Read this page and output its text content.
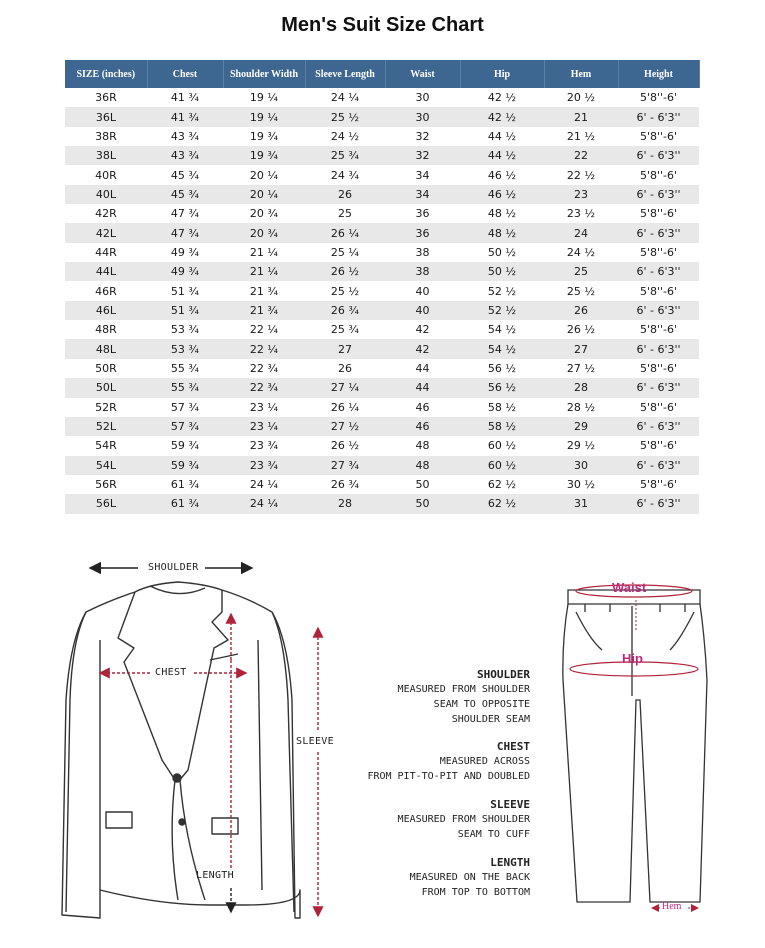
Men's Suit Size Chart
SIZE (inches)	Chest	Shoulder Width	Sleeve Length	Waist	Hip	Hem	Height
36R	41 ¾	19 ¼	24 ¼	30	42 ½	20 ½	5'8''-6'
36L	41 ¾	19 ¼	25 ½	30	42 ½	21	6' - 6'3''
38R	43 ¾	19 ¾	24 ½	32	44 ½	21 ½	5'8''-6'
38L	43 ¾	19 ¾	25 ¾	32	44 ½	22	6' - 6'3''
40R	45 ¾	20 ¼	24 ¾	34	46 ½	22 ½	5'8''-6'
40L	45 ¾	20 ¼	26	34	46 ½	23	6' - 6'3''
42R	47 ¾	20 ¾	25	36	48 ½	23 ½	5'8''-6'
42L	47 ¾	20 ¾	26 ¼	36	48 ½	24	6' - 6'3''
44R	49 ¾	21 ¼	25 ¼	38	50 ½	24 ½	5'8''-6'
44L	49 ¾	21 ¼	26 ½	38	50 ½	25	6' - 6'3''
46R	51 ¾	21 ¾	25 ½	40	52 ½	25 ½	5'8''-6'
46L	51 ¾	21 ¾	26 ¾	40	52 ½	26	6' - 6'3''
48R	53 ¾	22 ¼	25 ¾	42	54 ½	26 ½	5'8''-6'
48L	53 ¾	22 ¼	27	42	54 ½	27	6' - 6'3''
50R	55 ¾	22 ¾	26	44	56 ½	27 ½	5'8''-6'
50L	55 ¾	22 ¾	27 ¼	44	56 ½	28	6' - 6'3''
52R	57 ¾	23 ¼	26 ¼	46	58 ½	28 ½	5'8''-6'
52L	57 ¾	23 ¼	27 ½	46	58 ½	29	6' - 6'3''
54R	59 ¾	23 ¾	26 ½	48	60 ½	29 ½	5'8''-6'
54L	59 ¾	23 ¾	27 ¾	48	60 ½	30	6' - 6'3''
56R	61 ¾	24 ¼	26 ¾	50	62 ½	30 ½	5'8''-6'
56L	61 ¾	24 ¼	28	50	62 ½	31	6' - 6'3''
SHOULDER
CHEST
SLEEVE
LENGTH
SHOULDER
MEASURED FROM SHOULDER
SEAM TO OPPOSITE
SHOULDER SEAM
CHEST
MEASURED ACROSS
FROM PIT-TO-PIT AND DOUBLED
SLEEVE
MEASURED FROM SHOULDER
SEAM TO CUFF
LENGTH
MEASURED ON THE BACK
FROM TOP TO BOTTOM
Waist
Hip
Hem
